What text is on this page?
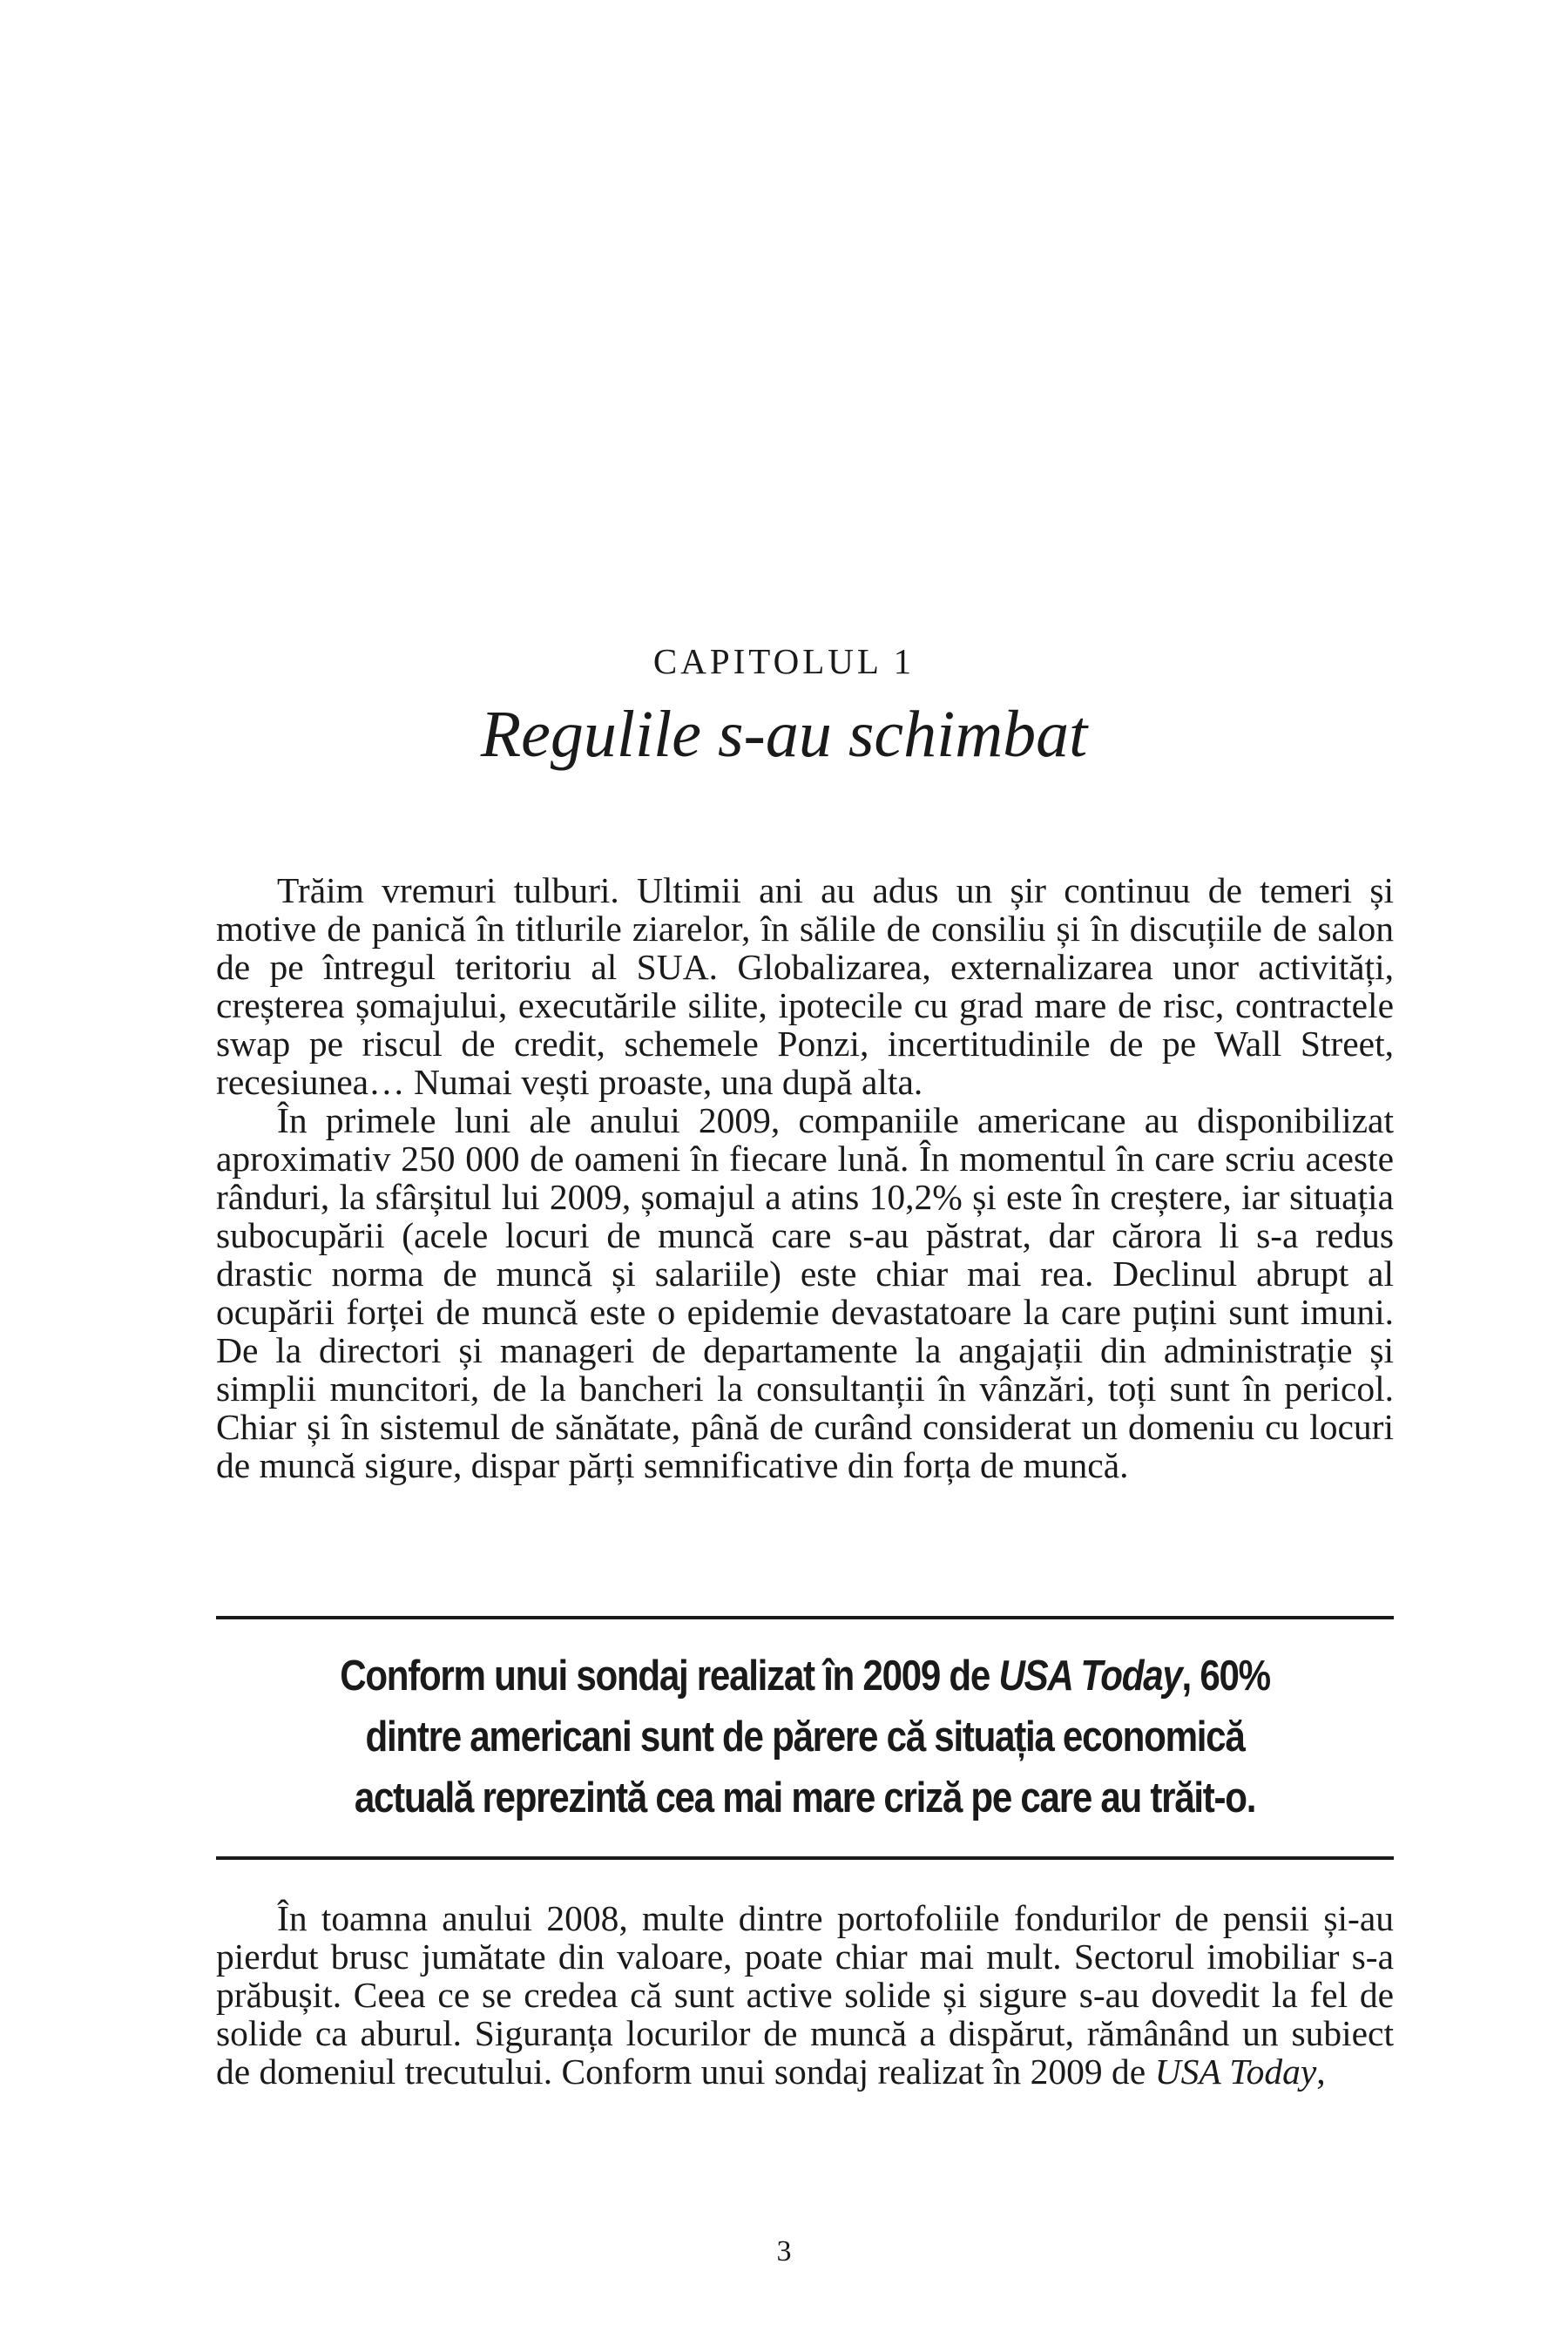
CAPITOLUL 1
Regulile s-au schimbat

Trăim vremuri tulburi. Ultimii ani au adus un șir continuu de temeri și motive de panică în titlurile ziarelor, în sălile de consiliu și în discuțiile de salon de pe întregul teritoriu al SUA. Globalizarea, externalizarea unor activități, creșterea șomajului, executările silite, ipotecile cu grad mare de risc, contractele swap pe riscul de credit, schemele Ponzi, incertitudinile de pe Wall Street, recesiunea… Numai vești proaste, una după alta.

În primele luni ale anului 2009, companiile americane au disponibilizat aproximativ 250 000 de oameni în fiecare lună. În momentul în care scriu aceste rânduri, la sfârșitul lui 2009, șomajul a atins 10,2% și este în creștere, iar situația subocupării (acele locuri de muncă care s-au păstrat, dar cărora li s-a redus drastic norma de muncă și salariile) este chiar mai rea. Declinul abrupt al ocupării forței de muncă este o epidemie devastatoare la care puțini sunt imuni. De la directori și manageri de departamente la angajații din administrație și simplii muncitori, de la bancheri la consultanții în vânzări, toți sunt în pericol. Chiar și în sistemul de sănătate, până de curând considerat un domeniu cu locuri de muncă sigure, dispar părți semnificative din forța de muncă.

Conform unui sondaj realizat în 2009 de USA Today, 60%
dintre americani sunt de părere că situația economică
actuală reprezintă cea mai mare criză pe care au trăit-o.

În toamna anului 2008, multe dintre portofoliile fondurilor de pensii și-au pierdut brusc jumătate din valoare, poate chiar mai mult. Sectorul imobiliar s-a prăbușit. Ceea ce se credea că sunt active solide și sigure s-au dovedit la fel de solide ca aburul. Siguranța locurilor de muncă a dispărut, rămânând un subiect de domeniul trecutului. Conform unui sondaj realizat în 2009 de USA Today,

3
